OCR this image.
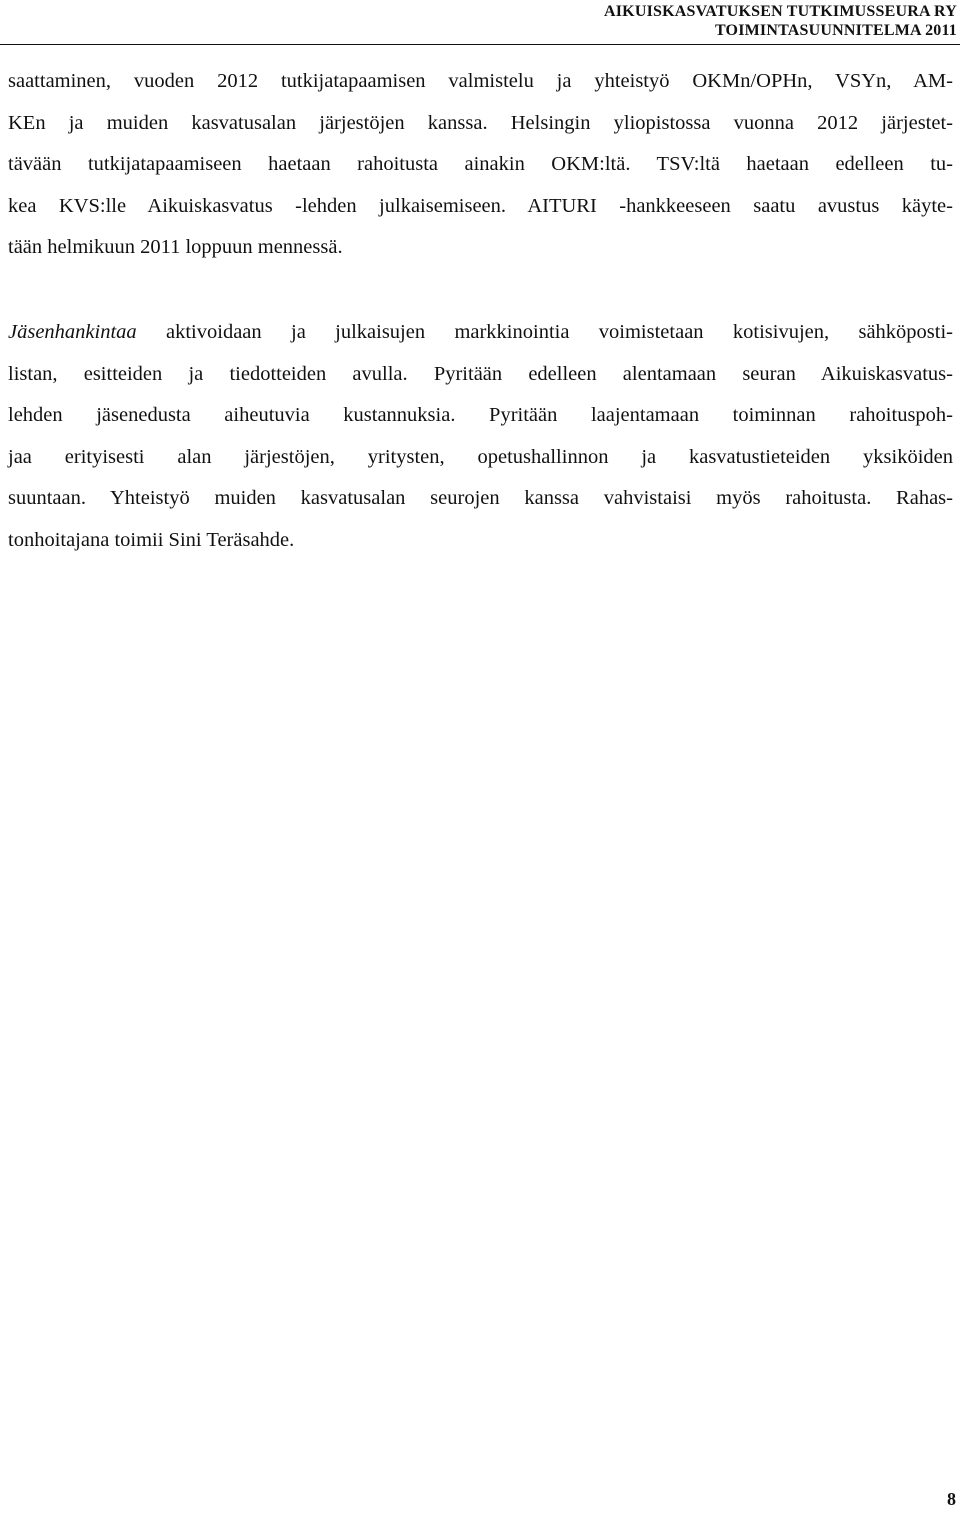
AIKUISKASVATUKSEN TUTKIMUSSEURA RY
TOIMINTASUUNNITELMA 2011
saattaminen, vuoden 2012 tutkijatapaamisen valmistelu ja yhteistyö OKMn/OPHn, VSYn, AM-
KEn ja muiden kasvatusalan järjestöjen kanssa. Helsingin yliopistossa vuonna 2012 järjestet-
tävään tutkijatapaamiseen haetaan rahoitusta ainakin OKM:ltä. TSV:ltä haetaan edelleen tu-
kea KVS:lle Aikuiskasvatus -lehden julkaisemiseen. AITURI -hankkeeseen saatu avustus käyte-
tään helmikuun 2011 loppuun mennessä.
Jäsenhankintaa aktivoidaan ja julkaisujen markkinointia voimistetaan kotisivujen, sähköposti-
listan, esitteiden ja tiedotteiden avulla. Pyritään edelleen alentamaan seuran Aikuiskasvatus-
lehden jäsenedusta aiheutuvia kustannuksia. Pyritään laajentamaan toiminnan rahoituspoh-
jaa erityisesti alan järjestöjen, yritysten, opetushallinnon ja kasvatustieteiden yksiköiden
suuntaan. Yhteistyö muiden kasvatusalan seurojen kanssa vahvistaisi myös rahoitusta. Rahas-
tonhoitajana toimii Sini Teräsahde.
8
